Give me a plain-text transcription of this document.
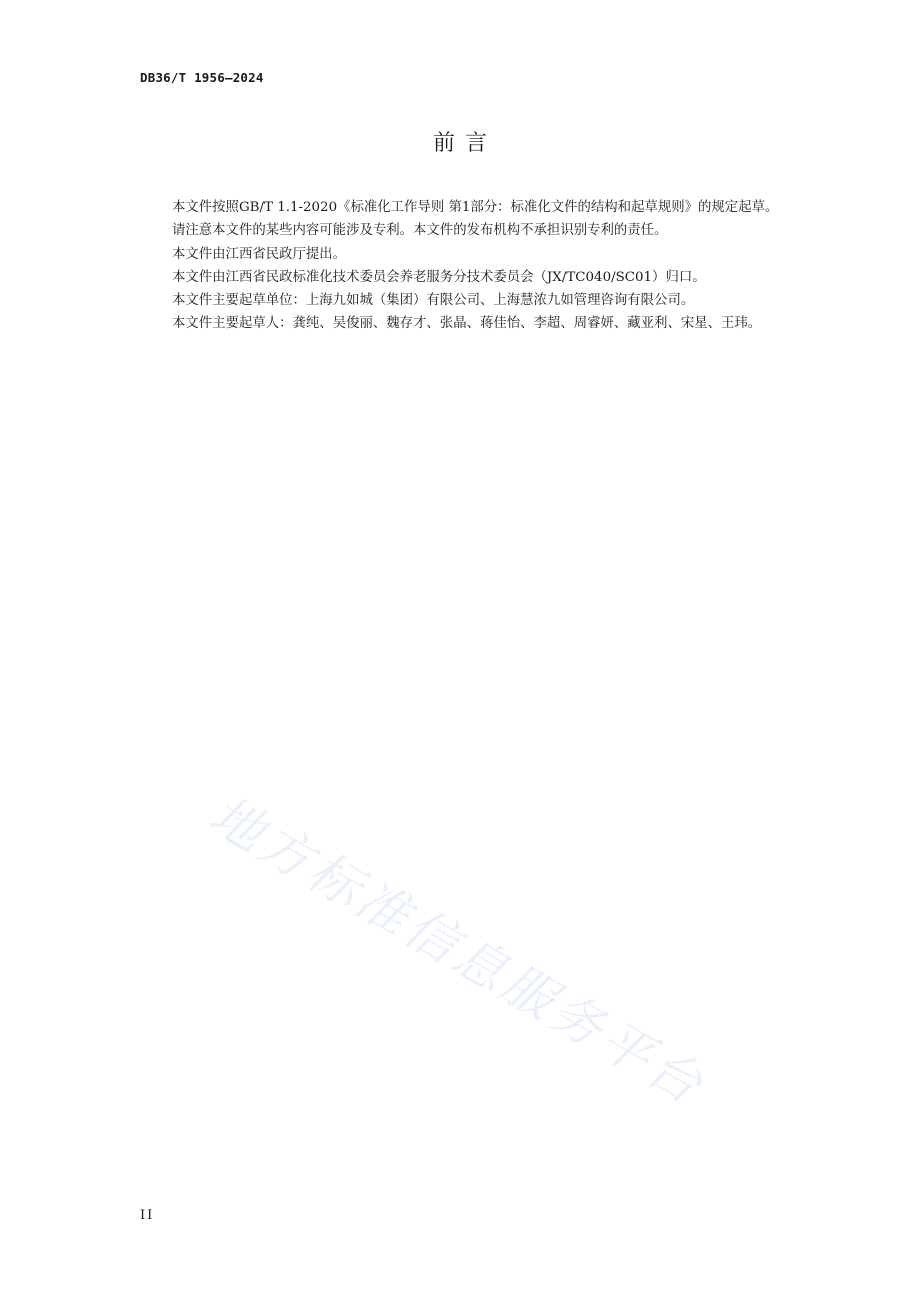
DB36/T 1956—2024
前言

本文件按照GB/T 1.1-2020《标准化工作导则 第1部分：标准化文件的结构和起草规则》的规定起草。

请注意本文件的某些内容可能涉及专利。本文件的发布机构不承担识别专利的责任。

本文件由江西省民政厅提出。

本文件由江西省民政标准化技术委员会养老服务分技术委员会（JX/TC040/SC01）归口。

本文件主要起草单位：上海九如城（集团）有限公司、上海慧浓九如管理咨询有限公司。

本文件主要起草人：龚纯、吴俊丽、魏存才、张晶、蒋佳怡、李超、周睿妍、藏亚利、宋星、王玮。

地方标准信息服务平台
II
